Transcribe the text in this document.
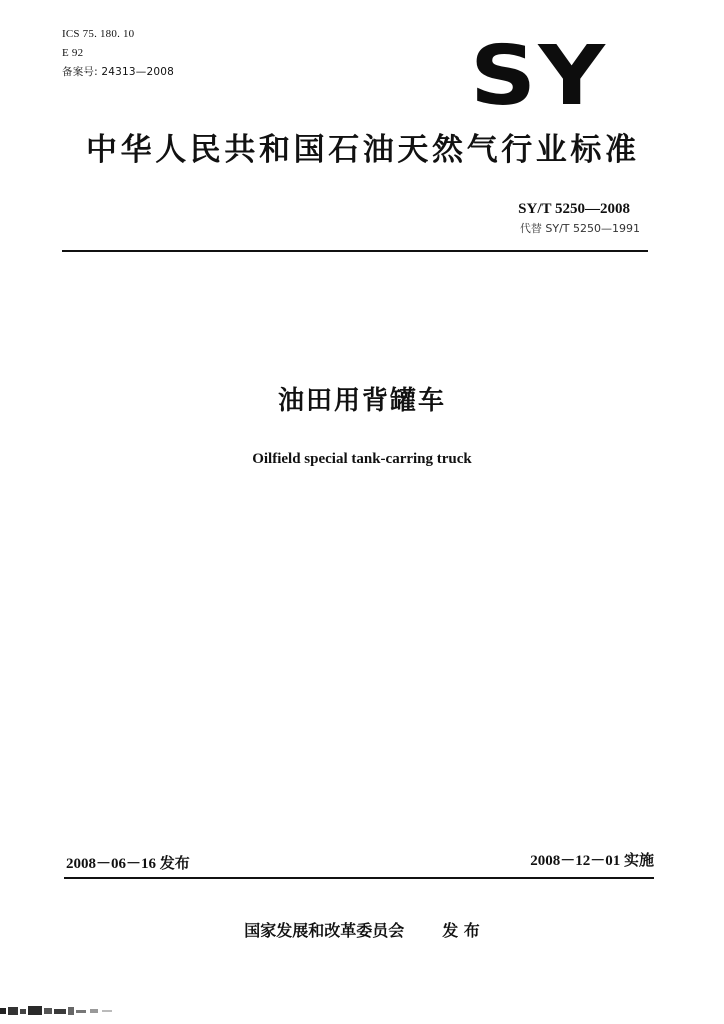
ICS 75. 180. 10
E 92
备案号: 24313—2008	SY
中华人民共和国石油天然气行业标准
SY/T 5250—2008
代替 SY/T 5250—1991
油田用背罐车
Oilfield special tank-carring truck
2008－06－16 发布	2008－12－01 实施
国家发展和改革委员会 发 布
